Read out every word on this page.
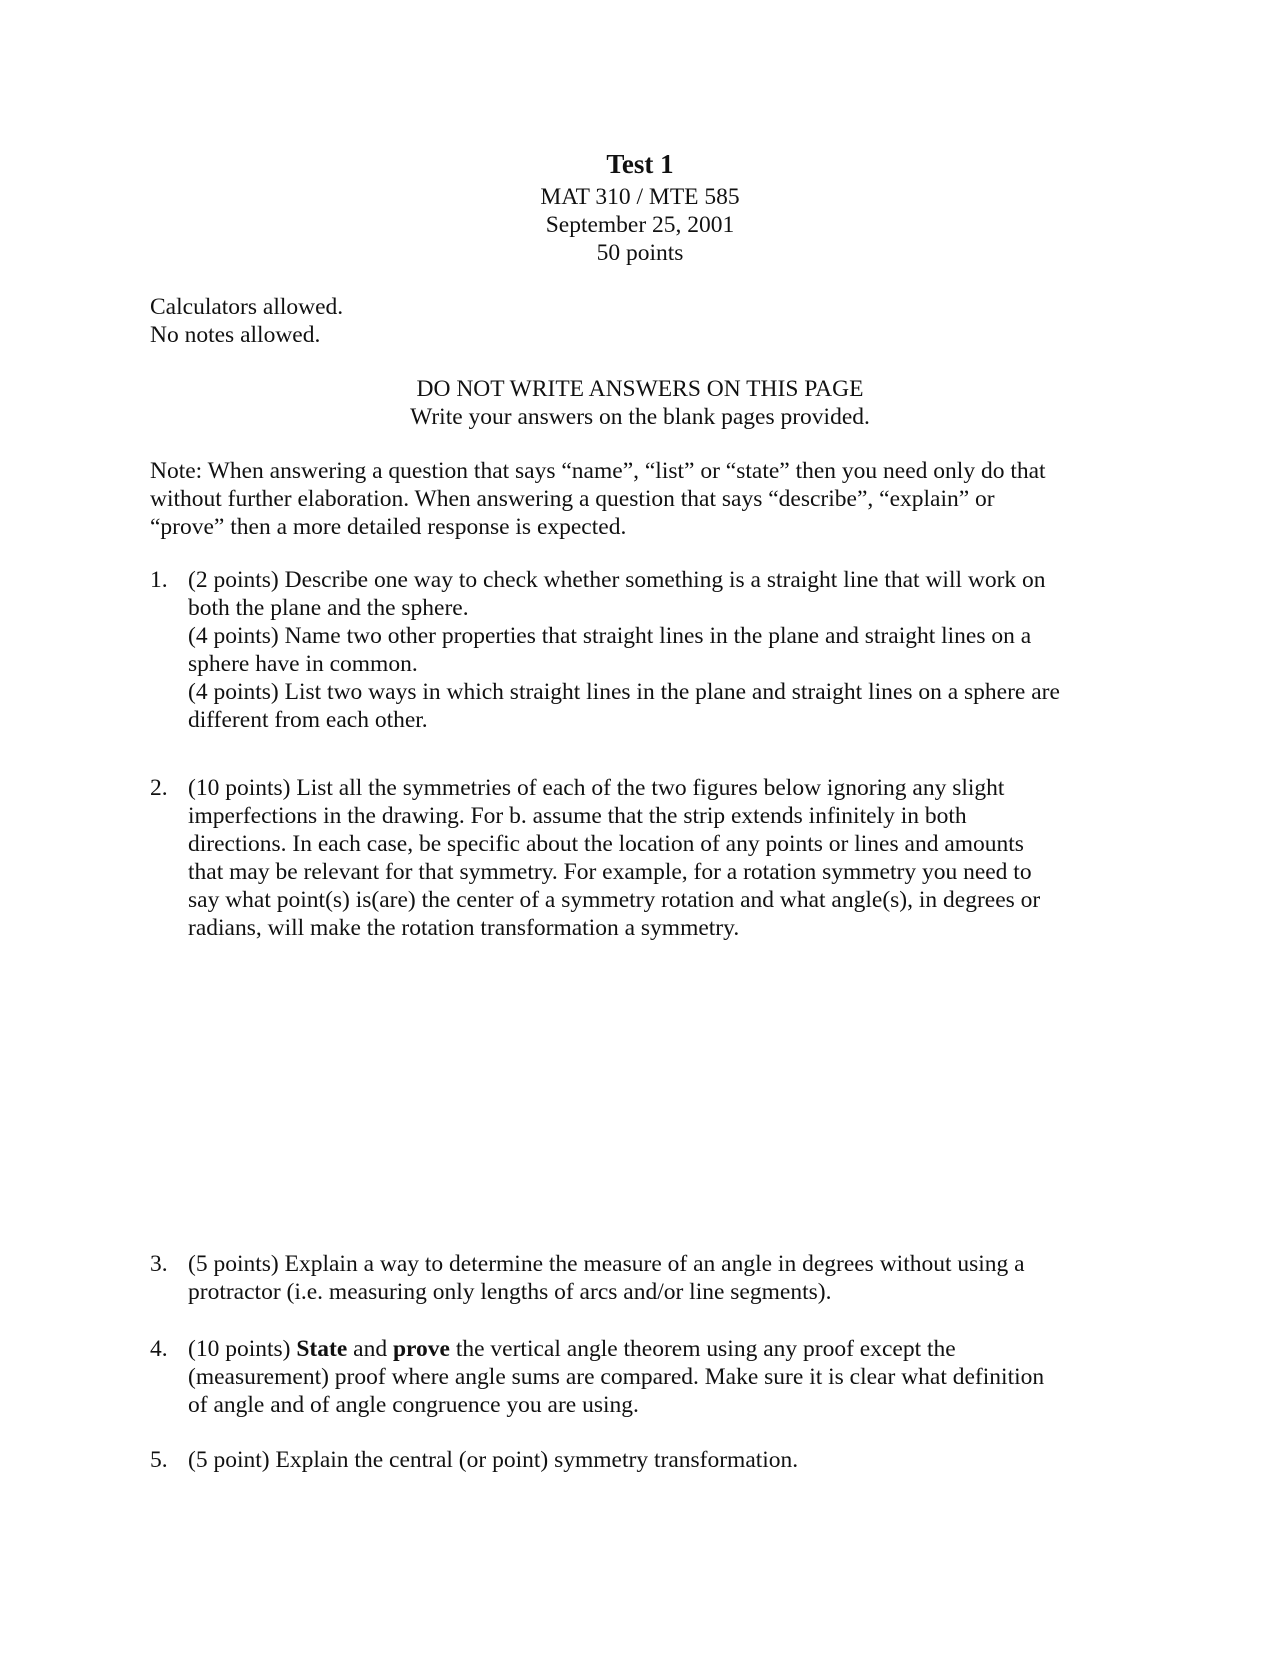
Test 1
MAT 310 / MTE 585
September 25, 2001
50 points
Calculators allowed.
No notes allowed.
DO NOT WRITE ANSWERS ON THIS PAGE
Write your answers on the blank pages provided.
Note: When answering a question that says “name”, “list” or “state” then you need only do that
without further elaboration. When answering a question that says “describe”, “explain” or
“prove” then a more detailed response is expected.
1. (2 points) Describe one way to check whether something is a straight line that will work on
both the plane and the sphere.
(4 points) Name two other properties that straight lines in the plane and straight lines on a
sphere have in common.
(4 points) List two ways in which straight lines in the plane and straight lines on a sphere are
different from each other.
2. (10 points) List all the symmetries of each of the two figures below ignoring any slight
imperfections in the drawing. For b. assume that the strip extends infinitely in both
directions. In each case, be specific about the location of any points or lines and amounts
that may be relevant for that symmetry. For example, for a rotation symmetry you need to
say what point(s) is(are) the center of a symmetry rotation and what angle(s), in degrees or
radians, will make the rotation transformation a symmetry.
3. (5 points) Explain a way to determine the measure of an angle in degrees without using a
protractor (i.e. measuring only lengths of arcs and/or line segments).
4. (10 points) State and prove the vertical angle theorem using any proof except the
(measurement) proof where angle sums are compared. Make sure it is clear what definition
of angle and of angle congruence you are using.
5. (5 point) Explain the central (or point) symmetry transformation.
